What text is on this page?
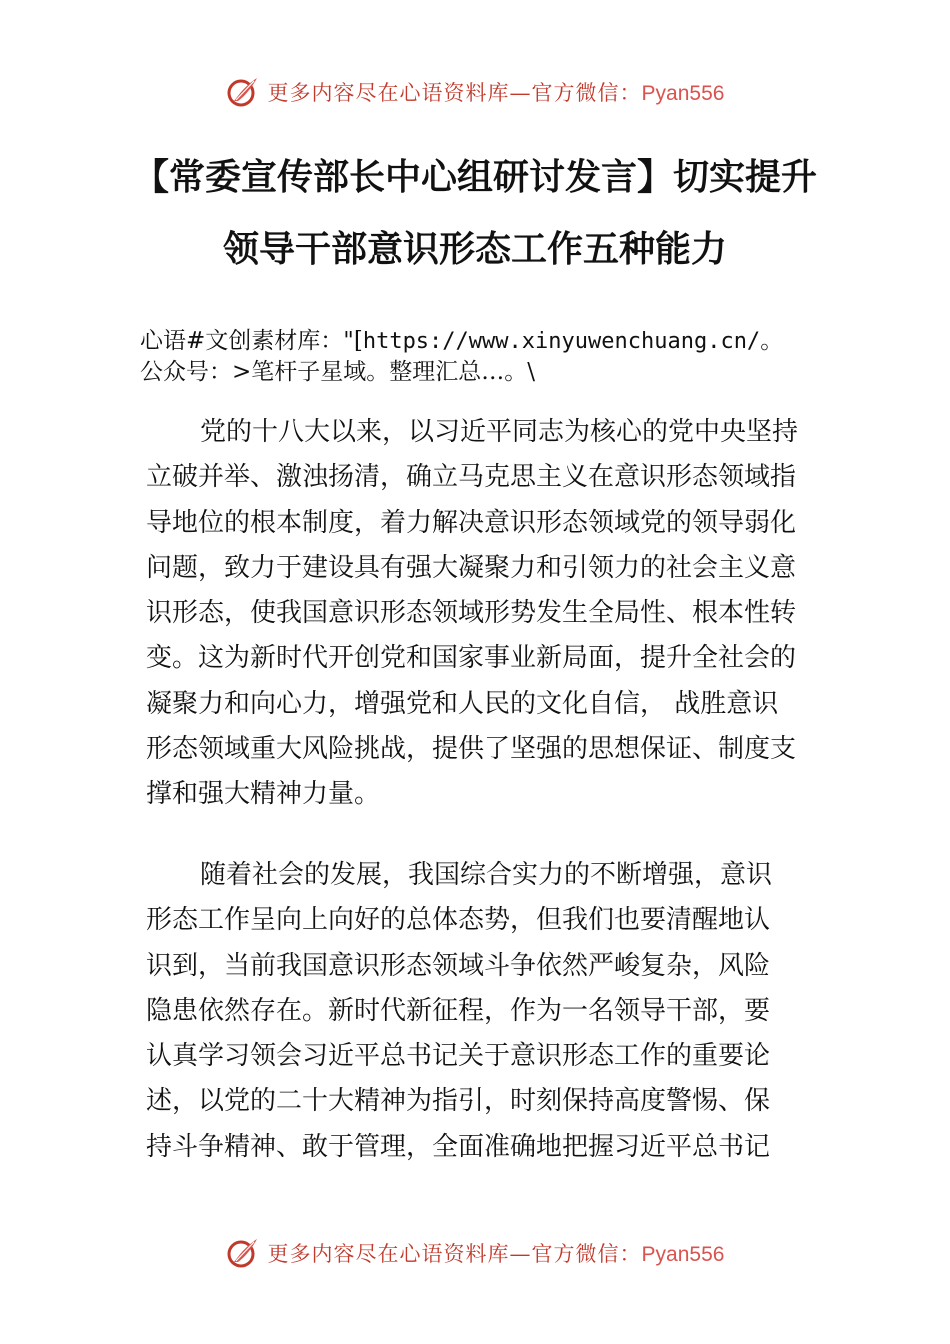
更多内容尽在心语资料库—官方微信：Pyan556
【常委宣传部长中心组研讨发言】切实提升
领导干部意识形态工作五种能力
心语#文创素材库："[https://www.xinyuwenchuang.cn/。
公众号：>笔杆子星域。整理汇总…。\
党的十八大以来，以习近平同志为核心的党中央坚持
立破并举、激浊扬清，确立马克思主义在意识形态领域指
导地位的根本制度，着力解决意识形态领域党的领导弱化
问题，致力于建设具有强大凝聚力和引领力的社会主义意
识形态，使我国意识形态领域形势发生全局性、根本性转
变。这为新时代开创党和国家事业新局面，提升全社会的
凝聚力和向心力，增强党和人民的文化自信， 战胜意识
形态领域重大风险挑战，提供了坚强的思想保证、制度支
撑和强大精神力量。
随着社会的发展，我国综合实力的不断增强，意识
形态工作呈向上向好的总体态势，但我们也要清醒地认
识到，当前我国意识形态领域斗争依然严峻复杂，风险
隐患依然存在。新时代新征程，作为一名领导干部，要
认真学习领会习近平总书记关于意识形态工作的重要论
述，以党的二十大精神为指引，时刻保持高度警惕、保
持斗争精神、敢于管理，全面准确地把握习近平总书记
更多内容尽在心语资料库—官方微信：Pyan556
